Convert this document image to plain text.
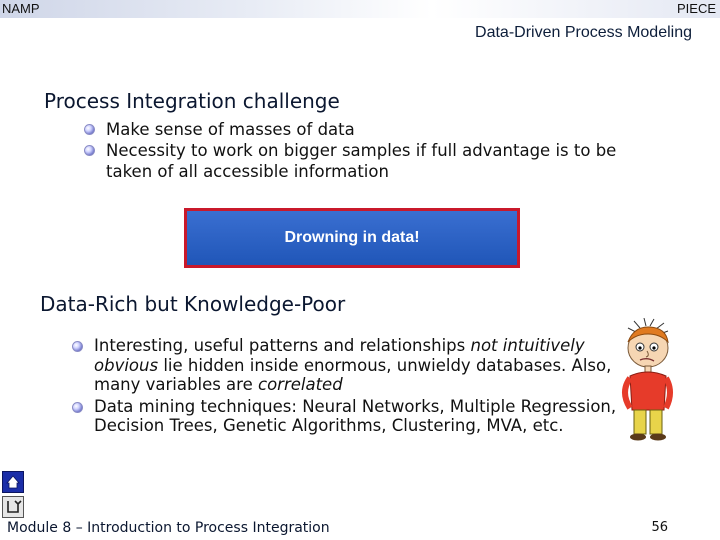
NAMP	PIECE
Data-Driven Process Modeling
Process Integration challenge
Make sense of masses of data
Necessity to work on bigger samples if full advantage is to be taken of all accessible information
Drowning in data!
Data-Rich but Knowledge-Poor
Interesting, useful patterns and relationships not intuitively obvious lie hidden inside enormous, unwieldy databases. Also, many variables are correlated
Data mining techniques: Neural Networks, Multiple Regression, Decision Trees, Genetic Algorithms, Clustering, MVA, etc.
Module 8 – Introduction to Process Integration	56
